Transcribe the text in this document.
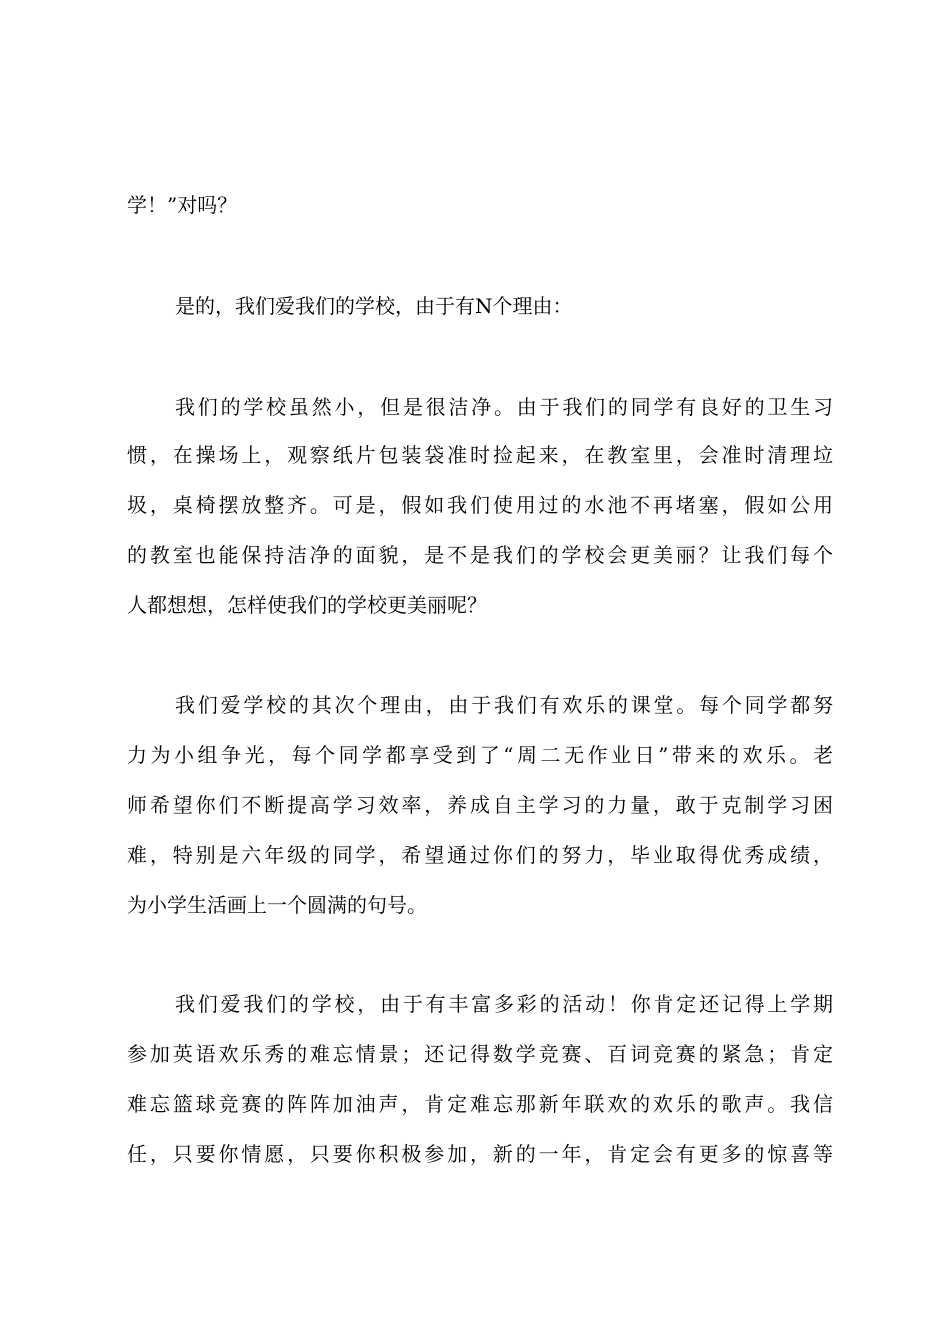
学！”对吗？
是的，我们爱我们的学校，由于有N个理由：
我们的学校虽然小，但是很洁净。由于我们的同学有良好的卫生习
惯，在操场上，观察纸片包装袋准时捡起来，在教室里，会准时清理垃
圾，桌椅摆放整齐。可是，假如我们使用过的水池不再堵塞，假如公用
的教室也能保持洁净的面貌，是不是我们的学校会更美丽？让我们每个
人都想想，怎样使我们的学校更美丽呢？
我们爱学校的其次个理由，由于我们有欢乐的课堂。每个同学都努
力为小组争光，每个同学都享受到了“周二无作业日”带来的欢乐。老
师希望你们不断提高学习效率，养成自主学习的力量，敢于克制学习困
难，特别是六年级的同学，希望通过你们的努力，毕业取得优秀成绩，
为小学生活画上一个圆满的句号。
我们爱我们的学校，由于有丰富多彩的活动！你肯定还记得上学期
参加英语欢乐秀的难忘情景；还记得数学竞赛、百词竞赛的紧急；肯定
难忘篮球竞赛的阵阵加油声，肯定难忘那新年联欢的欢乐的歌声。我信
任，只要你情愿，只要你积极参加，新的一年，肯定会有更多的惊喜等
